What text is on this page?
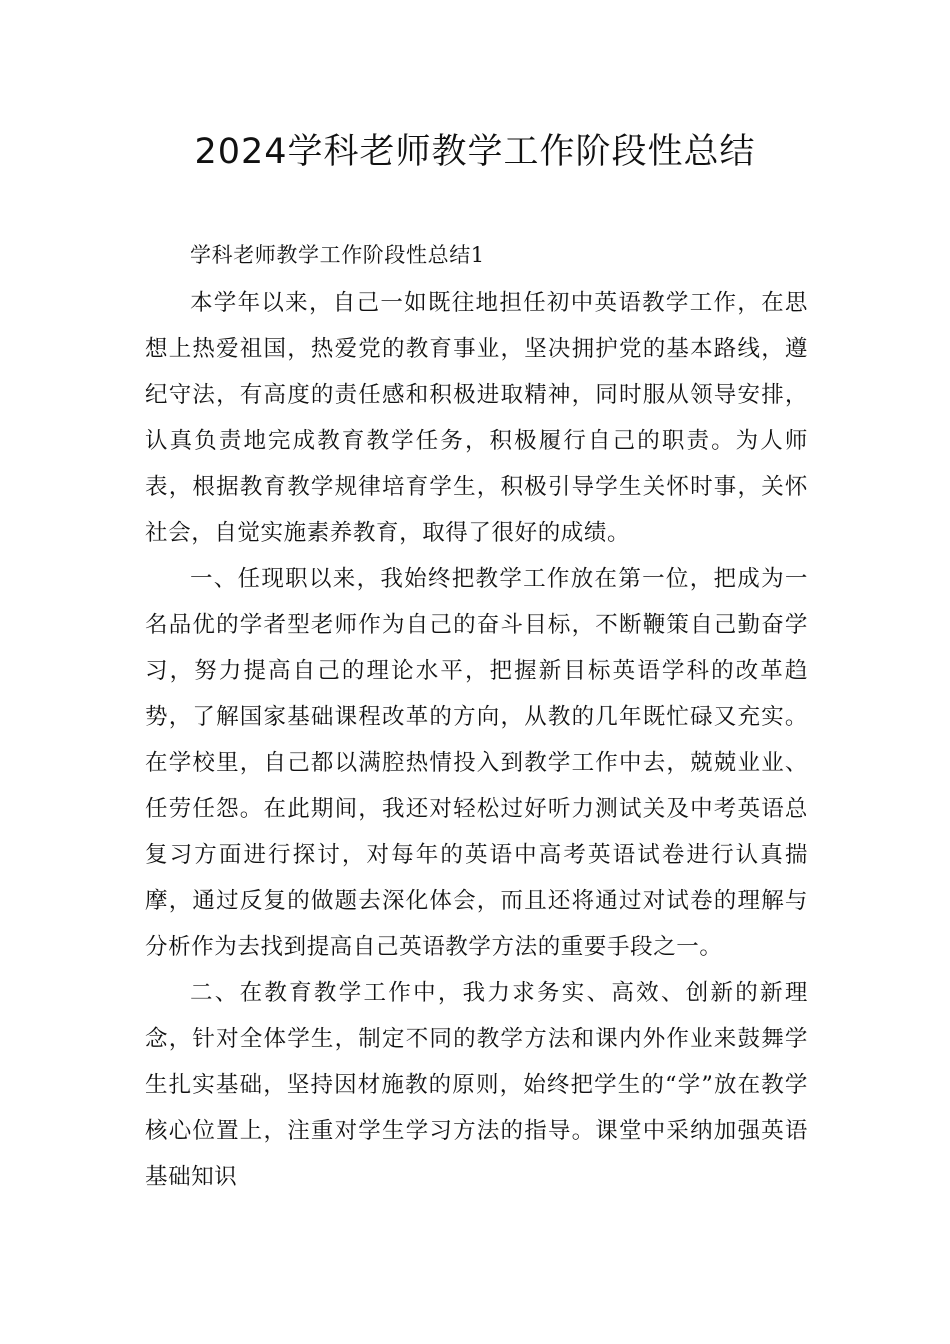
2024学科老师教学工作阶段性总结

学科老师教学工作阶段性总结1

本学年以来，自己一如既往地担任初中英语教学工作，在思想上热爱祖国，热爱党的教育事业，坚决拥护党的基本路线，遵纪守法，有高度的责任感和积极进取精神，同时服从领导安排，认真负责地完成教育教学任务，积极履行自己的职责。为人师表，根据教育教学规律培育学生，积极引导学生关怀时事，关怀社会，自觉实施素养教育，取得了很好的成绩。

一、任现职以来，我始终把教学工作放在第一位，把成为一名品优的学者型老师作为自己的奋斗目标，不断鞭策自己勤奋学习，努力提高自己的理论水平，把握新目标英语学科的改革趋势，了解国家基础课程改革的方向，从教的几年既忙碌又充实。在学校里，自己都以满腔热情投入到教学工作中去，兢兢业业、任劳任怨。在此期间，我还对轻松过好听力测试关及中考英语总复习方面进行探讨，对每年的英语中高考英语试卷进行认真揣摩，通过反复的做题去深化体会，而且还将通过对试卷的理解与分析作为去找到提高自己英语教学方法的重要手段之一。

二、在教育教学工作中，我力求务实、高效、创新的新理念，针对全体学生，制定不同的教学方法和课内外作业来鼓舞学生扎实基础，坚持因材施教的原则，始终把学生的“学”放在教学核心位置上，注重对学生学习方法的指导。课堂中采纳加强英语基础知识
